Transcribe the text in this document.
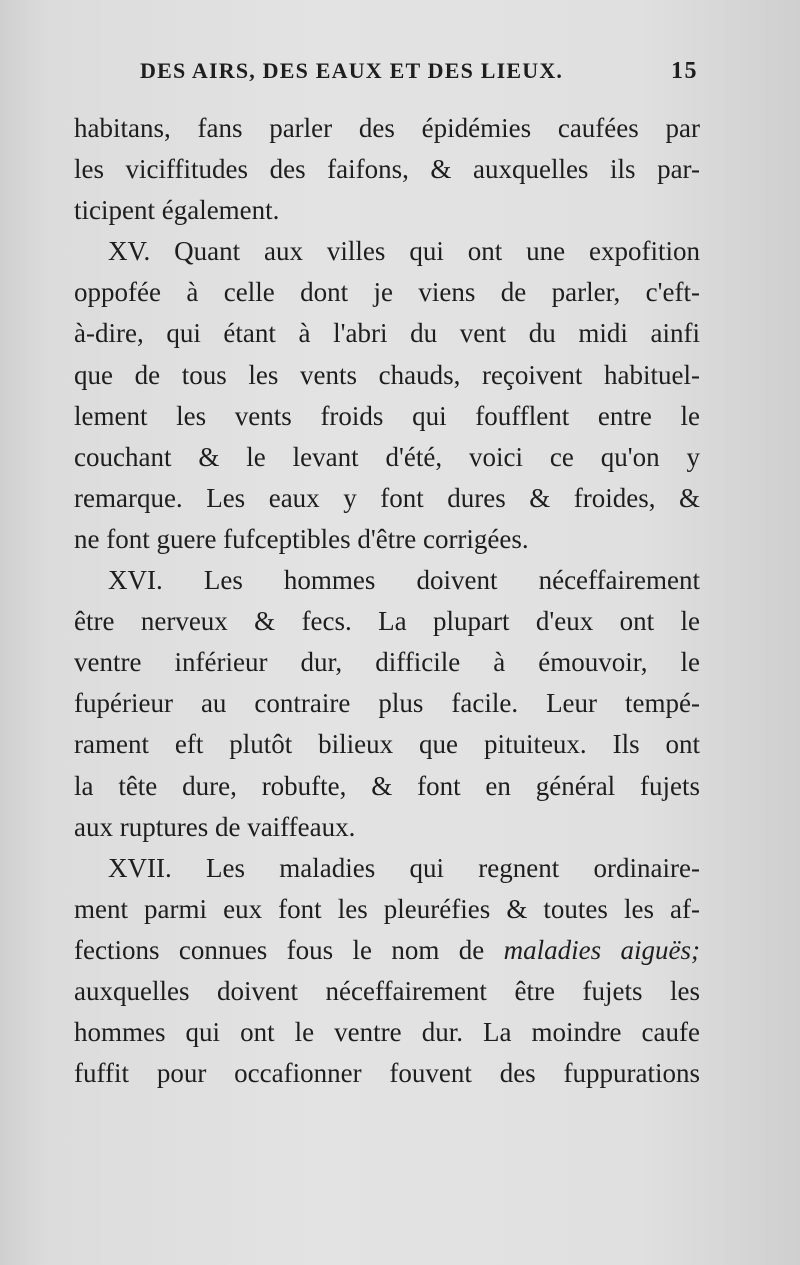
DES AIRS, DES EAUX ET DES LIEUX.	15
habitans, fans parler des épidémies caufées par
les viciffitudes des faifons, & auxquelles ils par-
ticipent également.
XV. Quant aux villes qui ont une expofition
oppofée à celle dont je viens de parler, c'eft-
à-dire, qui étant à l'abri du vent du midi ainfi
que de tous les vents chauds, reçoivent habituel-
lement les vents froids qui foufflent entre le
couchant & le levant d'été, voici ce qu'on y
remarque. Les eaux y font dures & froides, &
ne font guere fufceptibles d'être corrigées.
XVI. Les hommes doivent néceffairement
être nerveux & fecs. La plupart d'eux ont le
ventre inférieur dur, difficile à émouvoir, le
fupérieur au contraire plus facile. Leur tempé-
rament eft plutôt bilieux que pituiteux. Ils ont
la tête dure, robufte, & font en général fujets
aux ruptures de vaiffeaux.
XVII. Les maladies qui regnent ordinaire-
ment parmi eux font les pleuréfies & toutes les af-
fections connues fous le nom de maladies aiguës;
auxquelles doivent néceffairement être fujets les
hommes qui ont le ventre dur. La moindre caufe
fuffit pour occafionner fouvent des fuppurations
